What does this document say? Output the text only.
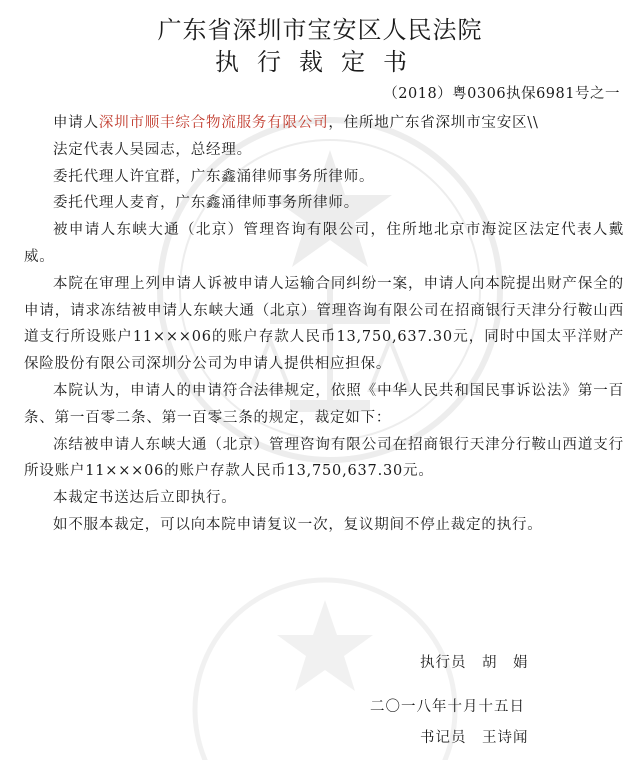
广东省深圳市宝安区人民法院
执行裁定书
（2018）粤0306执保6981号之一

申请人深圳市顺丰综合物流服务有限公司，住所地广东省深圳市宝安区\\

法定代表人吴园志，总经理。

委托代理人许宜群，广东鑫涌律师事务所律师。

委托代理人麦育，广东鑫涌律师事务所律师。

被申请人东峡大通（北京）管理咨询有限公司，住所地北京市海淀区法定代表人戴威。

本院在审理上列申请人诉被申请人运输合同纠纷一案，申请人向本院提出财产保全的申请，请求冻结被申请人东峡大通（北京）管理咨询有限公司在招商银行天津分行鞍山西道支行所设账户11×××06的账户存款人民币13,750,637.30元，同时中国太平洋财产保险股份有限公司深圳分公司为申请人提供相应担保。

本院认为，申请人的申请符合法律规定，依照《中华人民共和国民事诉讼法》第一百条、第一百零二条、第一百零三条的规定，裁定如下：

冻结被申请人东峡大通（北京）管理咨询有限公司在招商银行天津分行鞍山西道支行所设账户11×××06的账户存款人民币13,750,637.30元。

本裁定书送达后立即执行。

如不服本裁定，可以向本院申请复议一次，复议期间不停止裁定的执行。

执行员　胡　娟
二〇一八年十月十五日
书记员　王诗闻
